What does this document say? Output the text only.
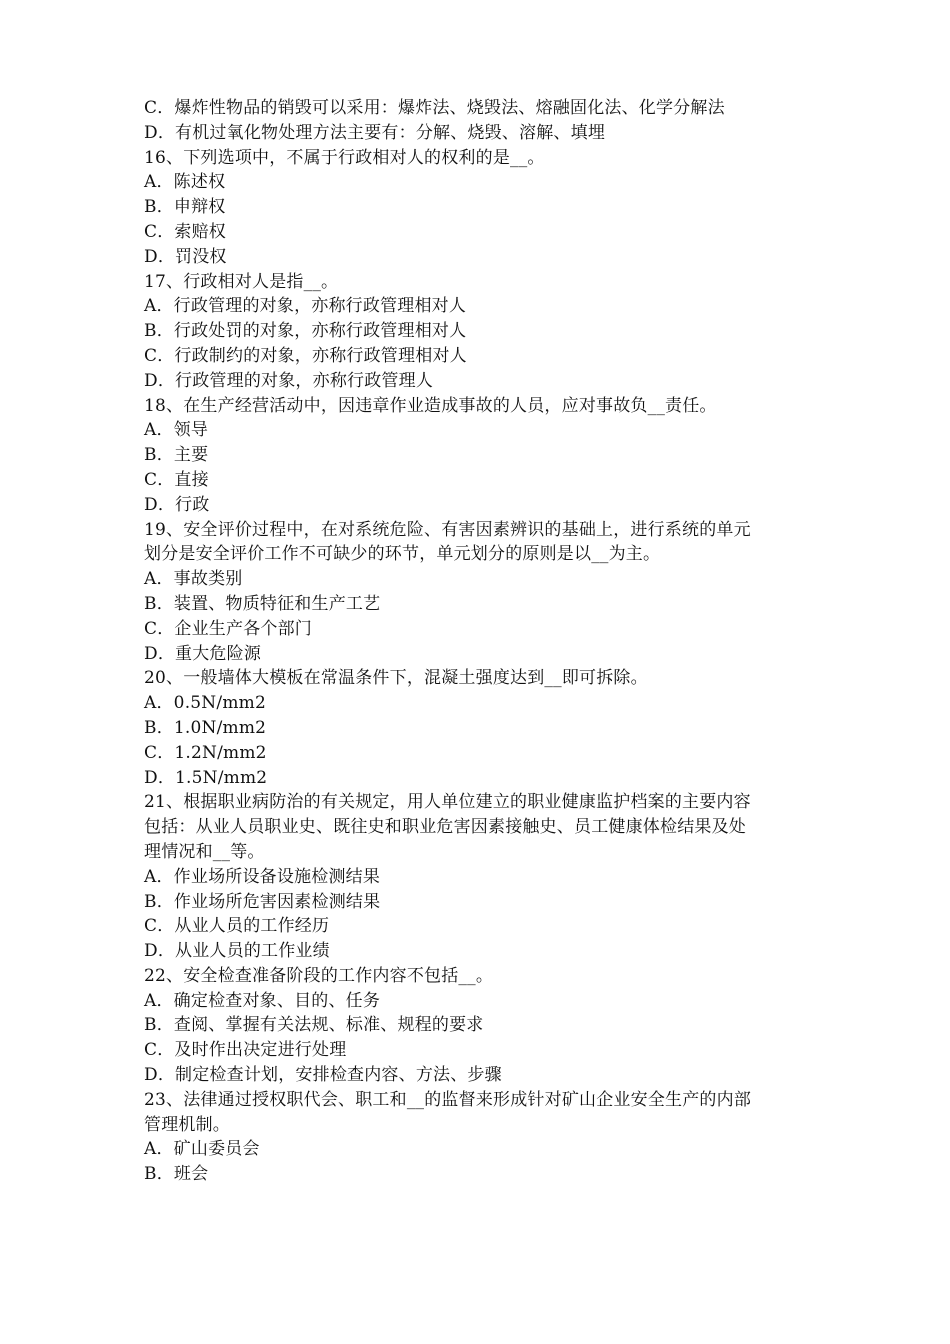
C．爆炸性物品的销毁可以采用：爆炸法、烧毁法、熔融固化法、化学分解法
D．有机过氧化物处理方法主要有：分解、烧毁、溶解、填埋
16、下列选项中，不属于行政相对人的权利的是__。
A．陈述权
B．申辩权
C．索赔权
D．罚没权
17、行政相对人是指__。
A．行政管理的对象，亦称行政管理相对人
B．行政处罚的对象，亦称行政管理相对人
C．行政制约的对象，亦称行政管理相对人
D．行政管理的对象，亦称行政管理人
18、在生产经营活动中，因违章作业造成事故的人员，应对事故负__责任。
A．领导
B．主要
C．直接
D．行政
19、安全评价过程中，在对系统危险、有害因素辨识的基础上，进行系统的单元
划分是安全评价工作不可缺少的环节，单元划分的原则是以__为主。
A．事故类别
B．装置、物质特征和生产工艺
C．企业生产各个部门
D．重大危险源
20、一般墙体大模板在常温条件下，混凝土强度达到__即可拆除。
A．0.5N/mm2
B．1.0N/mm2
C．1.2N/mm2
D．1.5N/mm2
21、根据职业病防治的有关规定，用人单位建立的职业健康监护档案的主要内容
包括：从业人员职业史、既往史和职业危害因素接触史、员工健康体检结果及处
理情况和__等。
A．作业场所设备设施检测结果
B．作业场所危害因素检测结果
C．从业人员的工作经历
D．从业人员的工作业绩
22、安全检查准备阶段的工作内容不包括__。
A．确定检查对象、目的、任务
B．查阅、掌握有关法规、标准、规程的要求
C．及时作出决定进行处理
D．制定检查计划，安排检查内容、方法、步骤
23、法律通过授权职代会、职工和__的监督来形成针对矿山企业安全生产的内部
管理机制。
A．矿山委员会
B．班会
